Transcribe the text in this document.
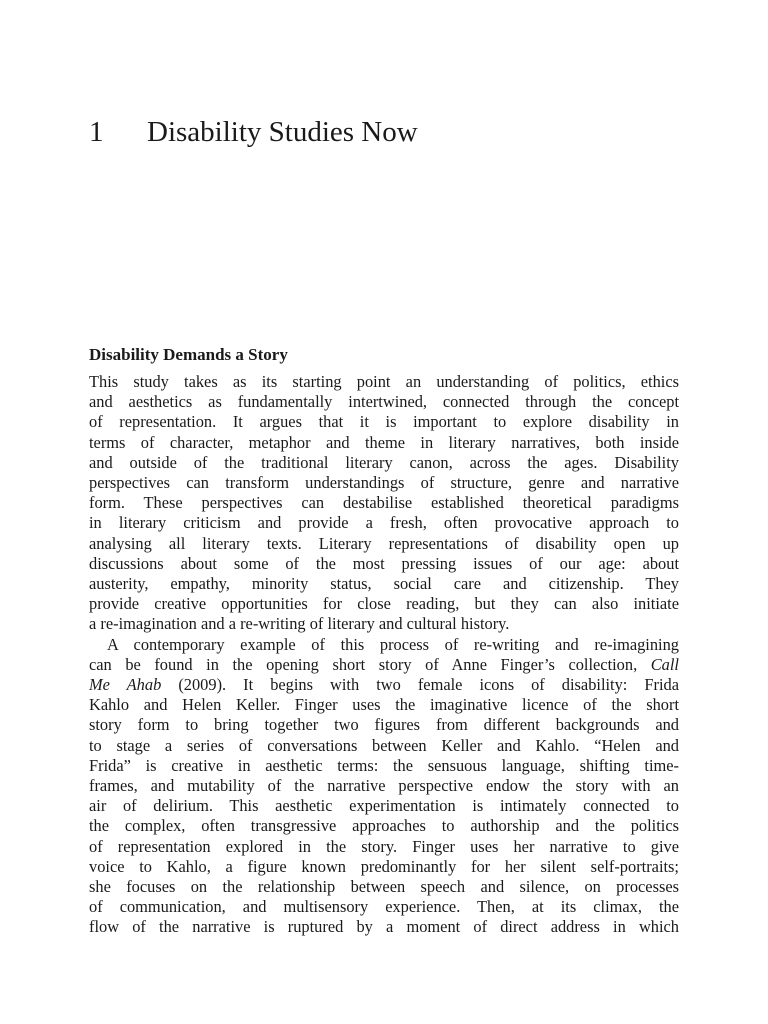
1 Disability Studies Now
Disability Demands a Story

This study takes as its starting point an understanding of politics, ethics
and aesthetics as fundamentally intertwined, connected through the concept
of representation. It argues that it is important to explore disability in
terms of character, metaphor and theme in literary narratives, both inside
and outside of the traditional literary canon, across the ages. Disability
perspectives can transform understandings of structure, genre and narrative
form. These perspectives can destabilise established theoretical paradigms
in literary criticism and provide a fresh, often provocative approach to
analysing all literary texts. Literary representations of disability open up
discussions about some of the most pressing issues of our age: about
austerity, empathy, minority status, social care and citizenship. They
provide creative opportunities for close reading, but they can also initiate
a re-imagination and a re-writing of literary and cultural history.

A contemporary example of this process of re-writing and re-imagining
can be found in the opening short story of Anne Finger’s collection, Call
Me Ahab (2009). It begins with two female icons of disability: Frida
Kahlo and Helen Keller. Finger uses the imaginative licence of the short
story form to bring together two figures from different backgrounds and
to stage a series of conversations between Keller and Kahlo. “Helen and
Frida” is creative in aesthetic terms: the sensuous language, shifting time-
frames, and mutability of the narrative perspective endow the story with an
air of delirium. This aesthetic experimentation is intimately connected to
the complex, often transgressive approaches to authorship and the politics
of representation explored in the story. Finger uses her narrative to give
voice to Kahlo, a figure known predominantly for her silent self-portraits;
she focuses on the relationship between speech and silence, on processes
of communication, and multisensory experience. Then, at its climax, the
flow of the narrative is ruptured by a moment of direct address in which
